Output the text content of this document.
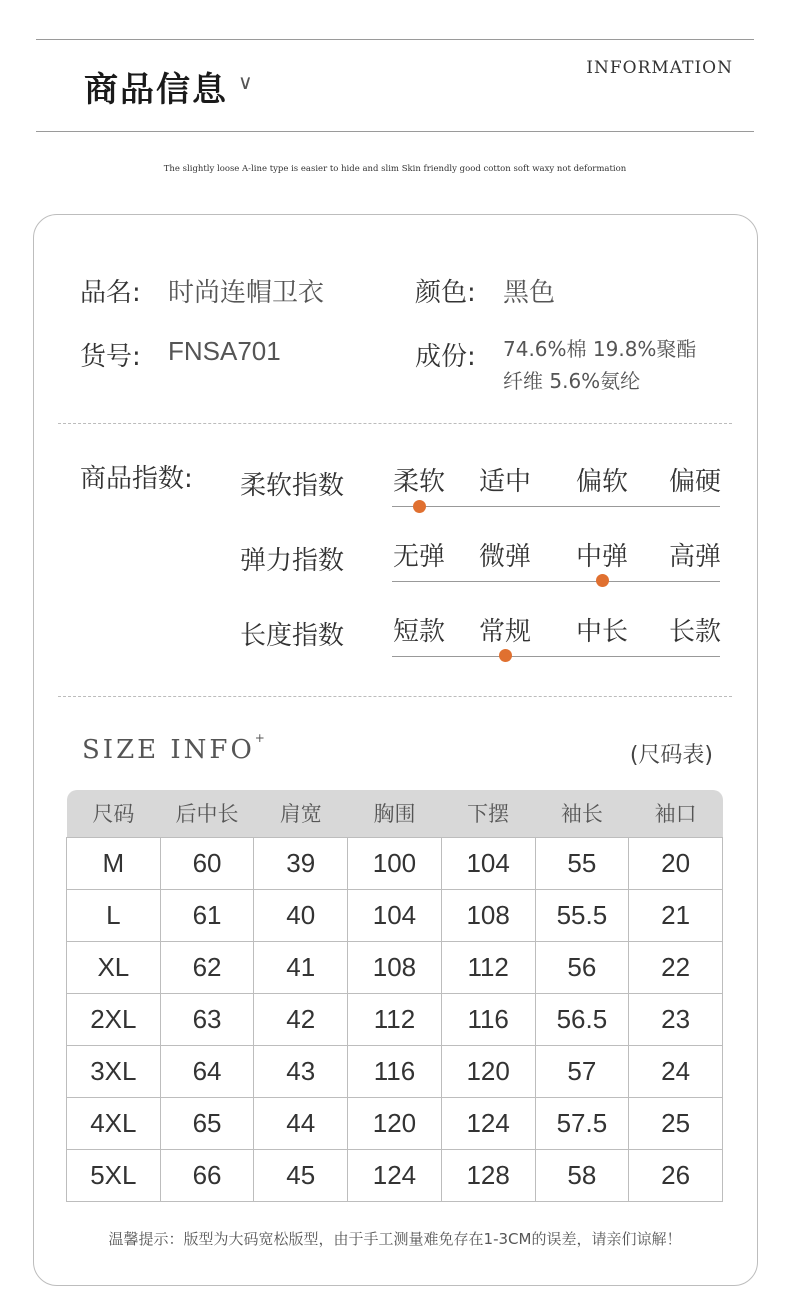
商品信息 ∨
INFORMATION
The slightly loose A-line type is easier to hide and slim Skin friendly good cotton soft waxy not deformation
品名: 时尚连帽卫衣	颜色: 黑色
货号: FNSA701	成份: 74.6%棉 19.8%聚酯
纤维 5.6%氨纶
商品指数: 柔软指数	柔软	适中	偏软	偏硬
弹力指数	无弹	微弹	中弹	高弹
长度指数	短款	常规	中长	长款
SIZE INFO+
(尺码表)
尺码	后中长	肩宽	胸围	下摆	袖长	袖口
M	60	39	100	104	55	20
L	61	40	104	108	55.5	21
XL	62	41	108	112	56	22
2XL	63	42	112	116	56.5	23
3XL	64	43	116	120	57	24
4XL	65	44	120	124	57.5	25
5XL	66	45	124	128	58	26
温馨提示：版型为大码宽松版型，由于手工测量难免存在1-3CM的误差，请亲们谅解！
